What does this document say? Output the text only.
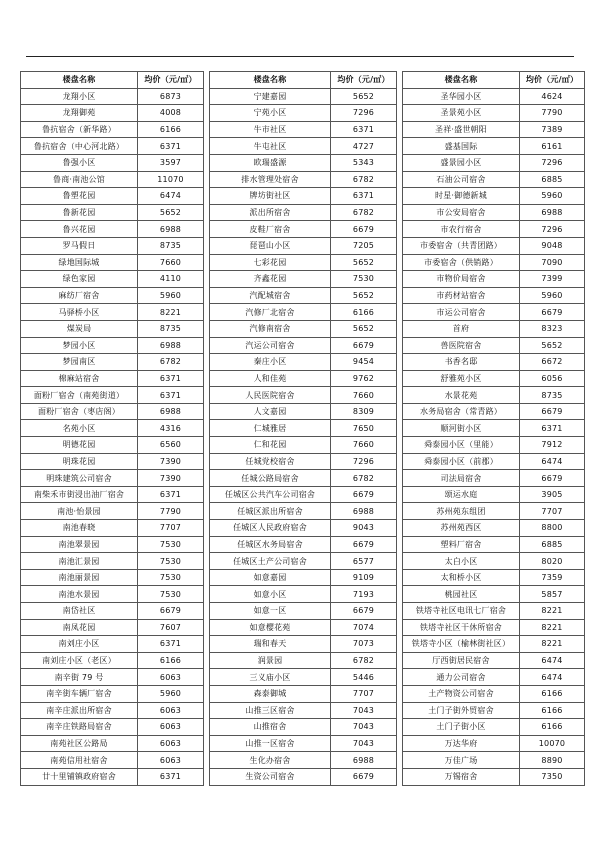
楼盘名称	均价（元/㎡）
龙翔小区	6873
龙翔御苑	4008
鲁抗宿舍（新华路）	6166
鲁抗宿舍（中心河北路）	6371
鲁强小区	3597
鲁商·南池公馆	11070
鲁塑花园	6474
鲁新花园	5652
鲁兴花园	6988
罗马假日	8735
绿地国际城	7660
绿色家园	4110
麻纺厂宿舍	5960
马驿桥小区	8221
煤炭局	8735
梦园小区	6988
梦园南区	6782
棉麻站宿舍	6371
面粉厂宿舍（南苑街道）	6371
面粉厂宿舍（枣店阁）	6988
名苑小区	4316
明德花园	6560
明珠花园	7390
明珠建筑公司宿舍	7390
南柴禾市街浸出油厂宿舍	6371
南池·怡景园	7790
南池春晓	7707
南池翠景园	7530
南池汇景园	7530
南池丽景园	7530
南池水景园	7530
南岱社区	6679
南凤花园	7607
南刘庄小区	6371
南刘庄小区（老区）	6166
南辛街 79 号	6063
南辛街车辆厂宿舍	5960
南辛庄派出所宿舍	6063
南辛庄铁路局宿舍	6063
南苑社区公路局	6063
南苑信用社宿舍	6063
廿十里铺镇政府宿舍	6371
楼盘名称	均价（元/㎡）
宁建嘉园	5652
宁苑小区	7296
牛市社区	6371
牛屯社区	4727
欧瑞盛源	5343
排水管理处宿舍	6782
牌坊街社区	6371
派出所宿舍	6782
皮鞋厂宿舍	6679
琵琶山小区	7205
七彩花园	5652
齐鑫花园	7530
汽配城宿舍	5652
汽修厂北宿舍	6166
汽修南宿舍	5652
汽运公司宿舍	6679
秦庄小区	9454
人和佳苑	9762
人民医院宿舍	7660
人文嘉园	8309
仁城雅居	7650
仁和花园	7660
任城党校宿舍	7296
任城公路局宿舍	6782
任城区公共汽车公司宿舍	6679
任城区派出所宿舍	6988
任城区人民政府宿舍	9043
任城区水务局宿舍	6679
任城区土产公司宿舍	6577
如意嘉园	9109
如意小区	7193
如意一区	6679
如意樱花苑	7074
瑞和春天	7073
润景园	6782
三义庙小区	5446
森泰御城	7707
山推三区宿舍	7043
山推宿舍	7043
山推一区宿舍	7043
生化办宿舍	6988
生资公司宿舍	6679
楼盘名称	均价（元/㎡）
圣华园小区	4624
圣景苑小区	7790
圣祥·盛世朝阳	7389
盛基国际	6161
盛景园小区	7296
石油公司宿舍	6885
时星·御德新城	5960
市公安局宿舍	6988
市农行宿舍	7296
市委宿舍（共青团路）	9048
市委宿舍（供销路）	7090
市物价局宿舍	7399
市药材站宿舍	5960
市运公司宿舍	6679
首府	8323
兽医院宿舍	5652
书香名邸	6672
舒雅苑小区	6056
水景花苑	8735
水务局宿舍（常青路）	6679
顺河街小区	6371
舜泰园小区（里能）	7912
舜泰园小区（前郡）	6474
司法局宿舍	6679
颂运水庭	3905
苏州苑东组团	7707
苏州苑西区	8800
塑料厂宿舍	6885
太白小区	8020
太和桥小区	7359
桃园社区	5857
铁塔寺社区电讯七厂宿舍	8221
铁塔寺社区干休所宿舍	8221
铁塔寺小区（榆林街社区）	8221
厅西街居民宿舍	6474
通力公司宿舍	6474
土产物资公司宿舍	6166
土门子街外贸宿舍	6166
土门子街小区	6166
万达华府	10070
万佳广场	8890
万锡宿舍	7350
